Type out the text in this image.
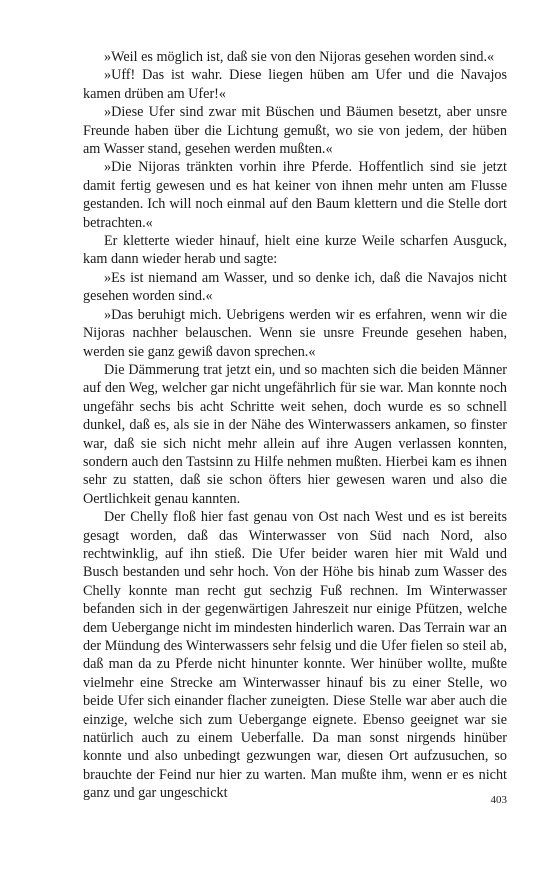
»Weil es möglich ist, daß sie von den Nijoras gesehen worden sind.«

»Uff! Das ist wahr. Diese liegen hüben am Ufer und die Navajos kamen drüben am Ufer!«

»Diese Ufer sind zwar mit Büschen und Bäumen besetzt, aber unsre Freunde haben über die Lichtung gemußt, wo sie von jedem, der hüben am Wasser stand, gesehen werden mußten.«

»Die Nijoras tränkten vorhin ihre Pferde. Hoffentlich sind sie jetzt damit fertig gewesen und es hat keiner von ihnen mehr unten am Flusse gestanden. Ich will noch einmal auf den Baum klettern und die Stelle dort betrachten.«

Er kletterte wieder hinauf, hielt eine kurze Weile scharfen Ausguck, kam dann wieder herab und sagte:

»Es ist niemand am Wasser, und so denke ich, daß die Navajos nicht gesehen worden sind.«

»Das beruhigt mich. Uebrigens werden wir es erfahren, wenn wir die Nijoras nachher belauschen. Wenn sie unsre Freunde gesehen haben, werden sie ganz gewiß davon sprechen.«

Die Dämmerung trat jetzt ein, und so machten sich die beiden Männer auf den Weg, welcher gar nicht ungefährlich für sie war. Man konnte noch ungefähr sechs bis acht Schritte weit sehen, doch wurde es so schnell dunkel, daß es, als sie in der Nähe des Winterwassers ankamen, so finster war, daß sie sich nicht mehr allein auf ihre Augen verlassen konnten, sondern auch den Tastsinn zu Hilfe nehmen mußten. Hierbei kam es ihnen sehr zu statten, daß sie schon öfters hier gewesen waren und also die Oertlichkeit genau kannten.

Der Chelly floß hier fast genau von Ost nach West und es ist bereits gesagt worden, daß das Winterwasser von Süd nach Nord, also rechtwinklig, auf ihn stieß. Die Ufer beider waren hier mit Wald und Busch bestanden und sehr hoch. Von der Höhe bis hinab zum Wasser des Chelly konnte man recht gut sechzig Fuß rechnen. Im Winterwasser befanden sich in der gegenwärtigen Jahreszeit nur einige Pfützen, welche dem Uebergange nicht im mindesten hinderlich waren. Das Terrain war an der Mündung des Winterwassers sehr felsig und die Ufer fielen so steil ab, daß man da zu Pferde nicht hinunter konnte. Wer hinüber wollte, mußte vielmehr eine Strecke am Winterwasser hinauf bis zu einer Stelle, wo beide Ufer sich einander flacher zuneigten. Diese Stelle war aber auch die einzige, welche sich zum Uebergange eignete. Ebenso geeignet war sie natürlich auch zu einem Ueberfalle. Da man sonst nirgends hinüber konnte und also unbedingt gezwungen war, diesen Ort aufzusuchen, so brauchte der Feind nur hier zu warten. Man mußte ihm, wenn er es nicht ganz und gar ungeschickt	403
